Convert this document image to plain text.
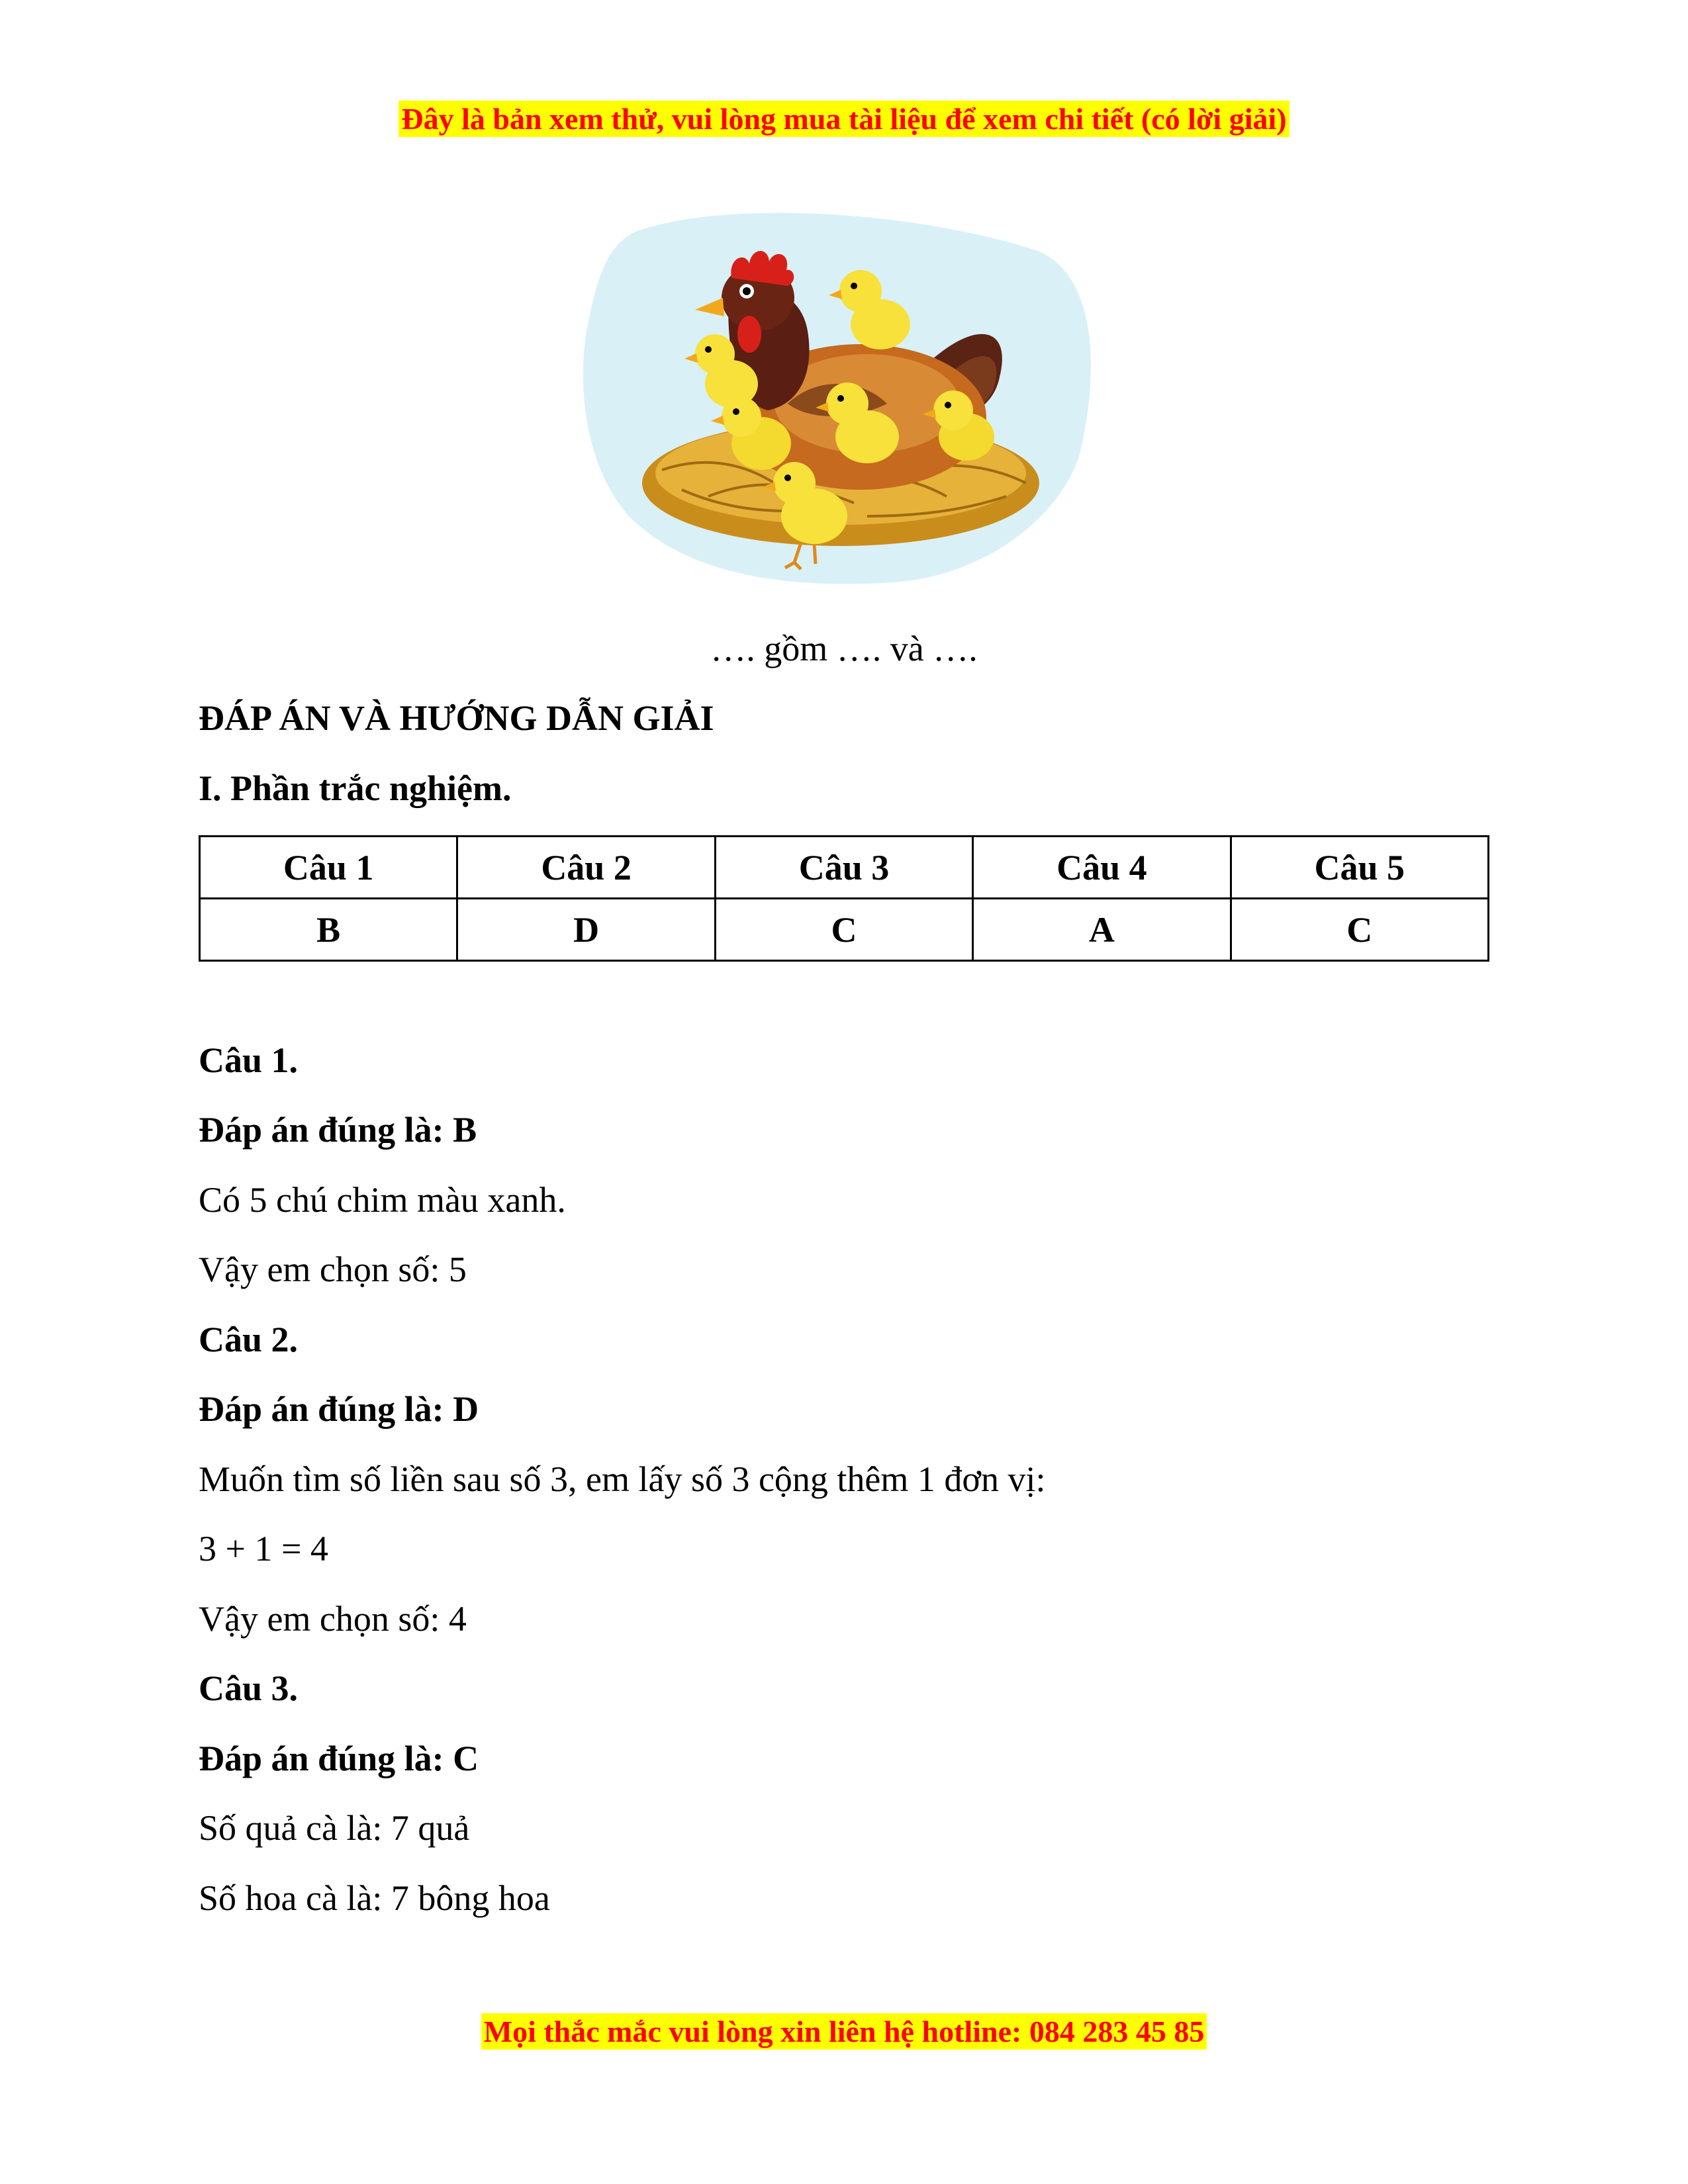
Đây là bản xem thử, vui lòng mua tài liệu để xem chi tiết (có lời giải)
…. gồm …. và ….
ĐÁP ÁN VÀ HƯỚNG DẪN GIẢI
I. Phần trắc nghiệm.
Câu 1	Câu 2	Câu 3	Câu 4	Câu 5
B	D	C	A	C
Câu 1.
Đáp án đúng là: B
Có 5 chú chim màu xanh.
Vậy em chọn số: 5
Câu 2.
Đáp án đúng là: D
Muốn tìm số liền sau số 3, em lấy số 3 cộng thêm 1 đơn vị:
3 + 1 = 4
Vậy em chọn số: 4
Câu 3.
Đáp án đúng là: C
Số quả cà là: 7 quả
Số hoa cà là: 7 bông hoa
Mọi thắc mắc vui lòng xin liên hệ hotline: 084 283 45 85
